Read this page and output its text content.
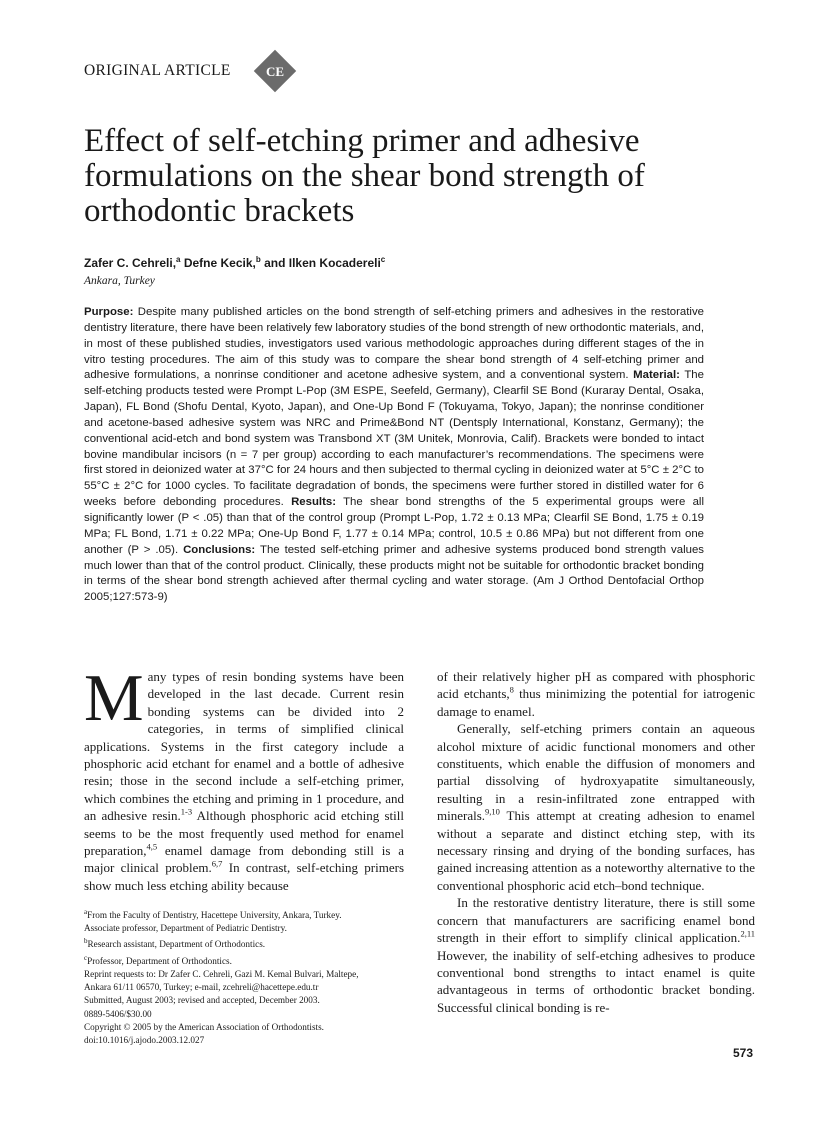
ORIGINAL ARTICLE	CE
Effect of self-etching primer and adhesive formulations on the shear bond strength of orthodontic brackets
Zafer C. Cehreli,$^a$ Defne Kecik,$^b$ and Ilken Kocadereli$^c$
Ankara, Turkey

Purpose: Despite many published articles on the bond strength of self-etching primers and adhesives in the restorative dentistry literature, there have been relatively few laboratory studies of the bond strength of new orthodontic materials, and, in most of these published studies, investigators used various methodologic approaches during different stages of the in vitro testing procedures. The aim of this study was to compare the shear bond strength of 4 self-etching primer and adhesive formulations, a nonrinse conditioner and acetone adhesive system, and a conventional system. Material: The self-etching products tested were Prompt L-Pop (3M ESPE, Seefeld, Germany), Clearfil SE Bond (Kuraray Dental, Osaka, Japan), FL Bond (Shofu Dental, Kyoto, Japan), and One-Up Bond F (Tokuyama, Tokyo, Japan); the nonrinse conditioner and acetone-based adhesive system was NRC and Prime&Bond NT (Dentsply International, Konstanz, Germany); the conventional acid-etch and bond system was Transbond XT (3M Unitek, Monrovia, Calif). Brackets were bonded to intact bovine mandibular incisors (n = 7 per group) according to each manufacturer’s recommendations. The specimens were first stored in deionized water at 37°C for 24 hours and then subjected to thermal cycling in deionized water at 5°C ± 2°C to 55°C ± 2°C for 1000 cycles. To facilitate degradation of bonds, the specimens were further stored in distilled water for 6 weeks before debonding procedures. Results: The shear bond strengths of the 5 experimental groups were all significantly lower (P < .05) than that of the control group (Prompt L-Pop, 1.72 ± 0.13 MPa; Clearfil SE Bond, 1.75 ± 0.19 MPa; FL Bond, 1.71 ± 0.22 MPa; One-Up Bond F, 1.77 ± 0.14 MPa; control, 10.5 ± 0.86 MPa) but not different from one another (P > .05). Conclusions: The tested self-etching primer and adhesive systems produced bond strength values much lower than that of the control product. Clinically, these products might not be suitable for orthodontic bracket bonding in terms of the shear bond strength achieved after thermal cycling and water storage. (Am J Orthod Dentofacial Orthop 2005;127:573-9)

Many types of resin bonding systems have been developed in the last decade. Current resin bonding systems can be divided into 2 categories, in terms of simplified clinical applications. Systems in the first category include a phosphoric acid etchant for enamel and a bottle of adhesive resin; those in the second include a self-etching primer, which combines the etching and priming in 1 procedure, and an adhesive resin.$^{1-3}$ Although phosphoric acid etching still seems to be the most frequently used method for enamel preparation,$^{4,5}$ enamel damage from debonding still is a major clinical problem.$^{6,7}$ In contrast, self-etching primers show much less etching ability because

of their relatively higher pH as compared with phosphoric acid etchants,$^8$ thus minimizing the potential for iatrogenic damage to enamel.

Generally, self-etching primers contain an aqueous alcohol mixture of acidic functional monomers and other constituents, which enable the diffusion of monomers and partial dissolving of hydroxyapatite simultaneously, resulting in a resin-infiltrated zone entrapped with minerals.$^{9,10}$ This attempt at creating adhesion to enamel without a separate and distinct etching step, with its necessary rinsing and drying of the bonding surfaces, has gained increasing attention as a noteworthy alternative to the conventional phosphoric acid etch–bond technique.

In the restorative dentistry literature, there is still some concern that manufacturers are sacrificing enamel bond strength in their effort to simplify clinical application.$^{2,11}$ However, the inability of self-etching adhesives to produce conventional bond strengths to intact enamel is quite advantageous in terms of orthodontic bracket bonding. Successful clinical bonding is re-

$^a$From the Faculty of Dentistry, Hacettepe University, Ankara, Turkey.
Associate professor, Department of Pediatric Dentistry.
$^b$Research assistant, Department of Orthodontics.
$^c$Professor, Department of Orthodontics.
Reprint requests to: Dr Zafer C. Cehreli, Gazi M. Kemal Bulvari, Maltepe,
Ankara 61/11 06570, Turkey; e-mail, zcehreli@hacettepe.edu.tr
Submitted, August 2003; revised and accepted, December 2003.
0889-5406/$30.00
Copyright © 2005 by the American Association of Orthodontists.
doi:10.1016/j.ajodo.2003.12.027
573
